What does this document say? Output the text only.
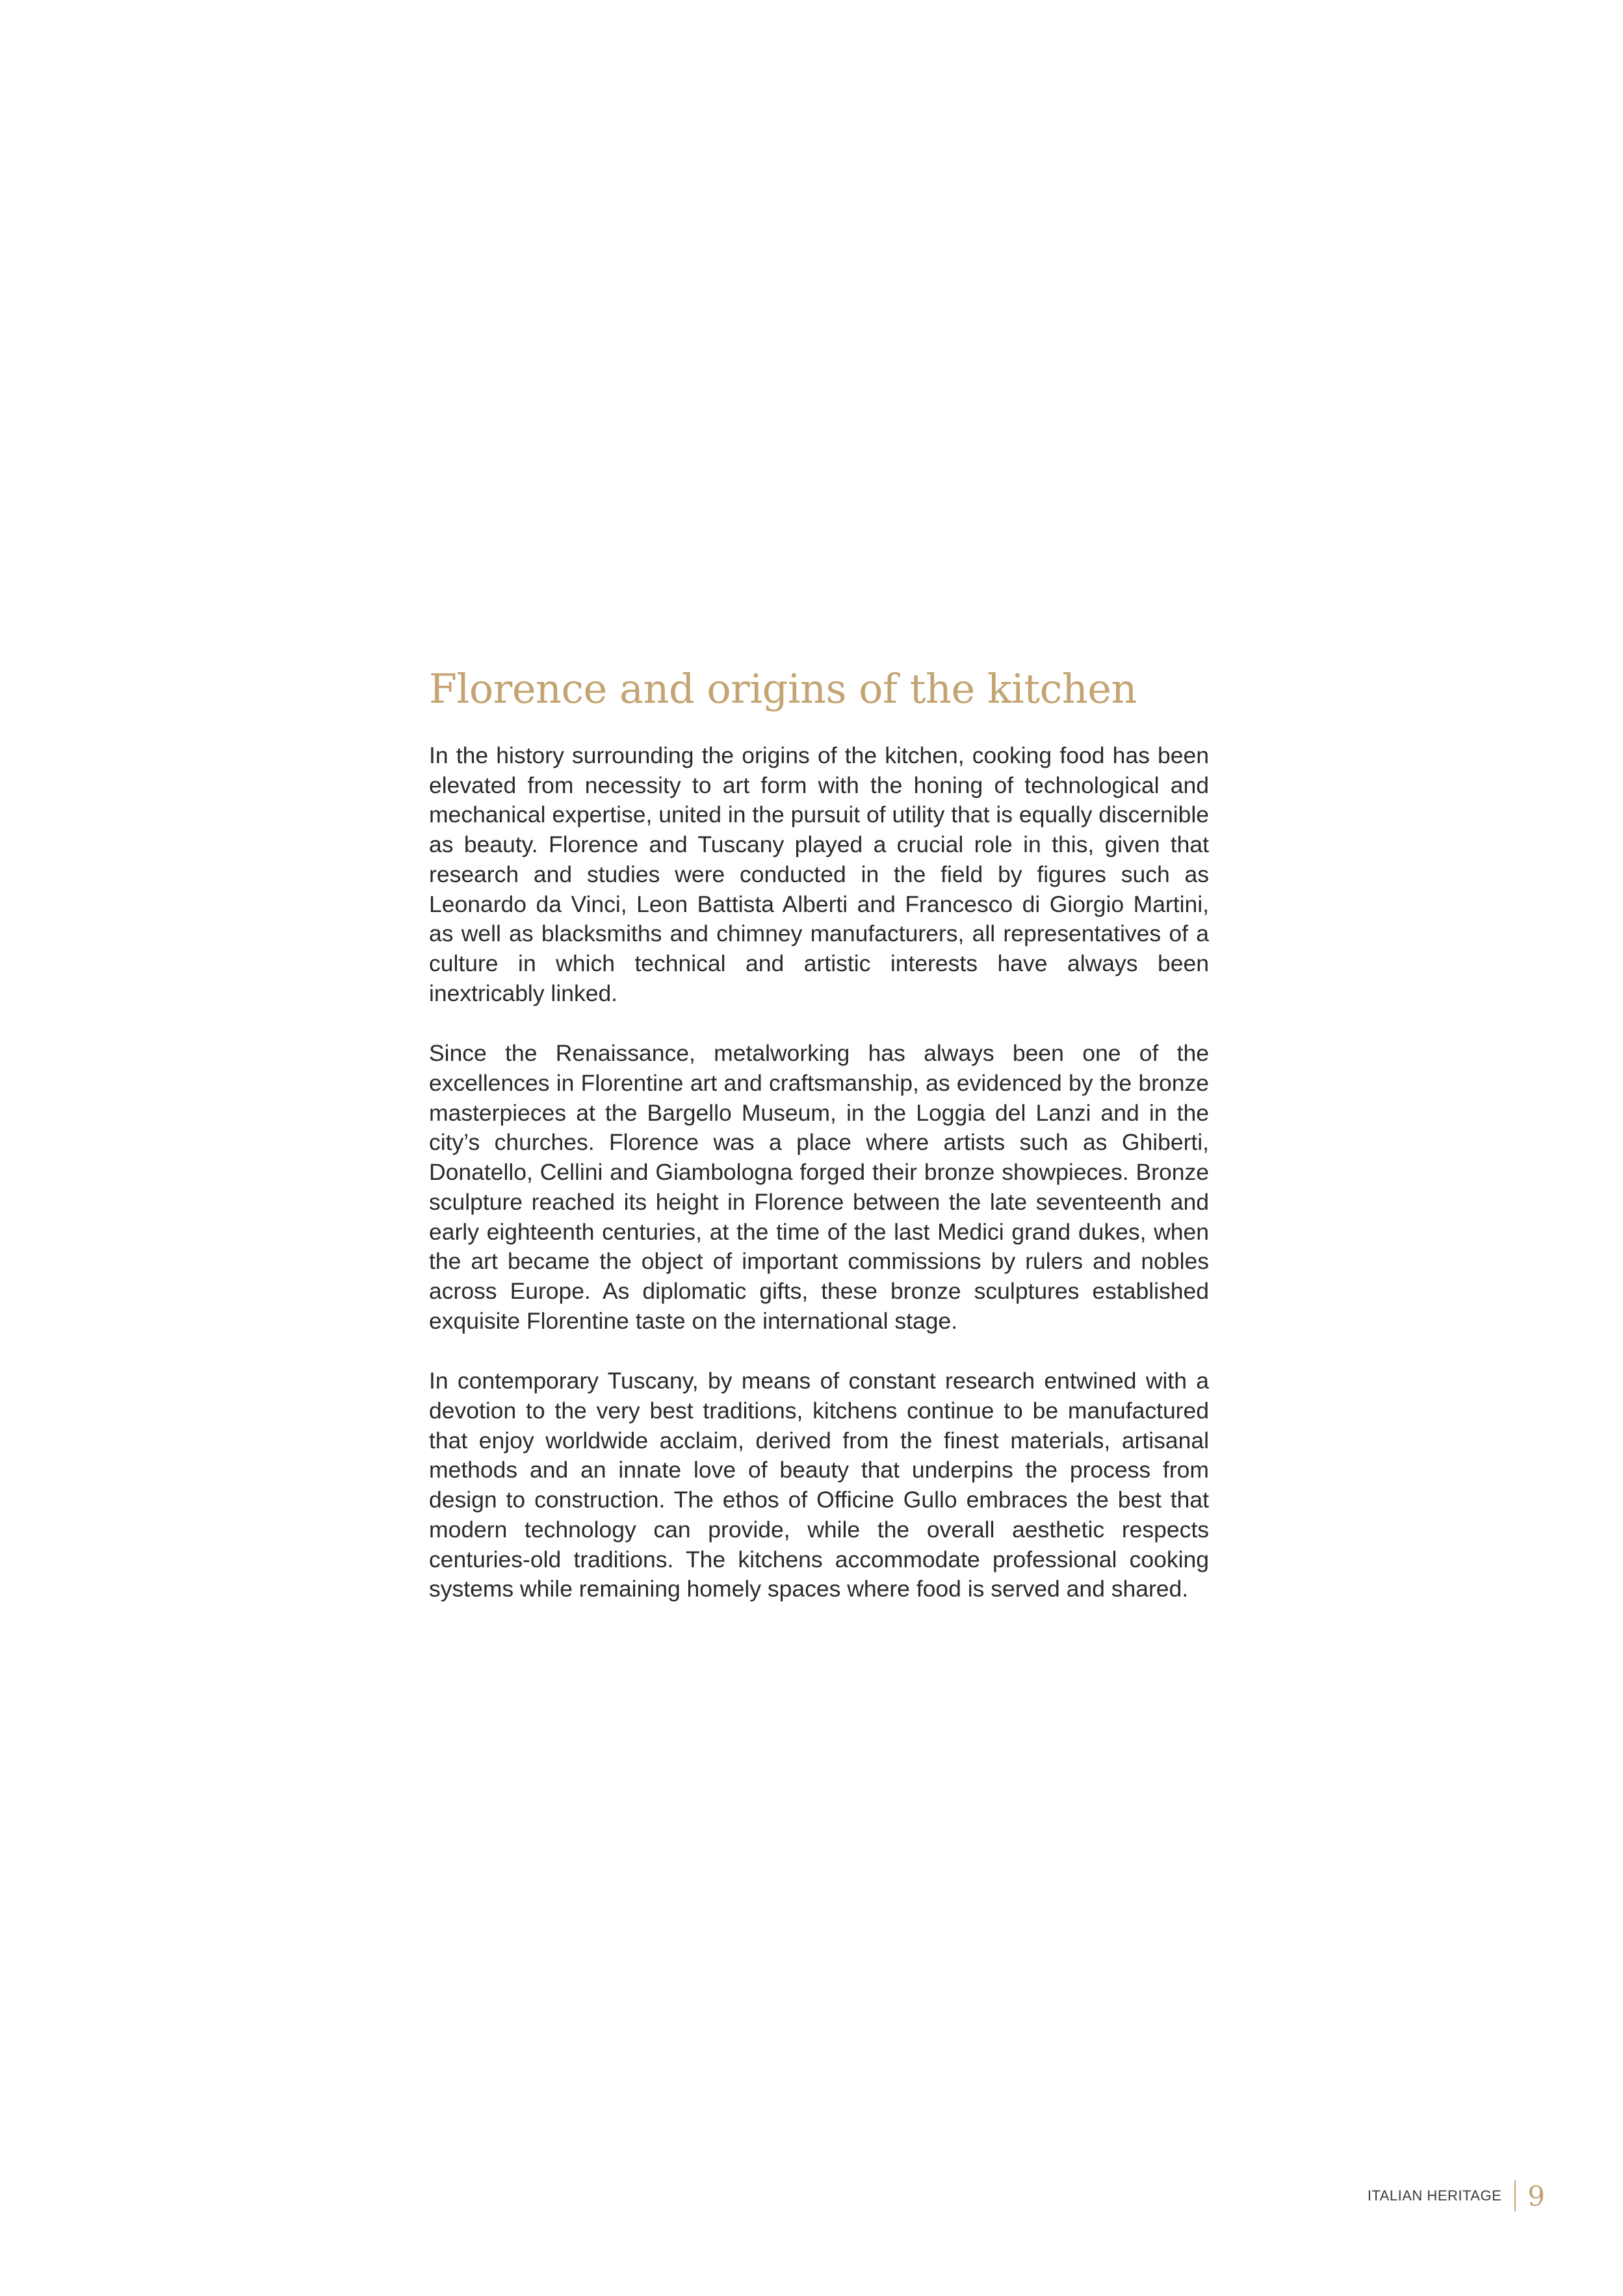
Florence and origins of the kitchen

In the history surrounding the origins of the kitchen, cooking food has been elevated from necessity to art form with the honing of technological and mechanical expertise, united in the pursuit of utility that is equally discernible as beauty. Florence and Tuscany played a crucial role in this, given that research and studies were conducted in the field by figures such as Leonardo da Vinci, Leon Battista Alberti and Francesco di Giorgio Martini, as well as blacksmiths and chimney manufacturers, all representatives of a culture in which technical and artistic interests have always been inextricably linked.

Since the Renaissance, metalworking has always been one of the excellences in Florentine art and craftsmanship, as evidenced by the bronze masterpieces at the Bargello Museum, in the Loggia del Lanzi and in the city’s churches. Florence was a place where artists such as Ghiberti, Donatello, Cellini and Giambologna forged their bronze showpieces. Bronze sculpture reached its height in Florence between the late seventeenth and early eighteenth centuries, at the time of the last Medici grand dukes, when the art became the object of important commissions by rulers and nobles across Europe. As diplomatic gifts, these bronze sculptures established exquisite Florentine taste on the international stage.

In contemporary Tuscany, by means of constant research entwined with a devotion to the very best traditions, kitchens continue to be manufactured that enjoy worldwide acclaim, derived from the finest materials, artisanal methods and an innate love of beauty that underpins the process from design to construction. The ethos of Officine Gullo embraces the best that modern technology can provide, while the overall aesthetic respects centuries-old traditions. The kitchens accommodate professional cooking systems while remaining homely spaces where food is served and shared.

ITALIAN HERITAGE 9
